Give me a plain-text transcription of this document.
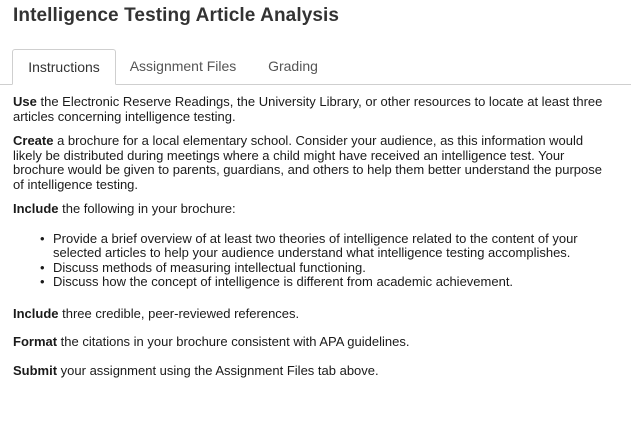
Intelligence Testing Article Analysis
Instructions	Assignment Files	Grading

Use the Electronic Reserve Readings, the University Library, or other resources to locate at least three articles concerning intelligence testing.

Create a brochure for a local elementary school. Consider your audience, as this information would likely be distributed during meetings where a child might have received an intelligence test. Your brochure would be given to parents, guardians, and others to help them better understand the purpose of intelligence testing.

Include the following in your brochure:

• Provide a brief overview of at least two theories of intelligence related to the content of your selected articles to help your audience understand what intelligence testing accomplishes.
• Discuss methods of measuring intellectual functioning.
• Discuss how the concept of intelligence is different from academic achievement.

Include three credible, peer-reviewed references.

Format the citations in your brochure consistent with APA guidelines.

Submit your assignment using the Assignment Files tab above.
